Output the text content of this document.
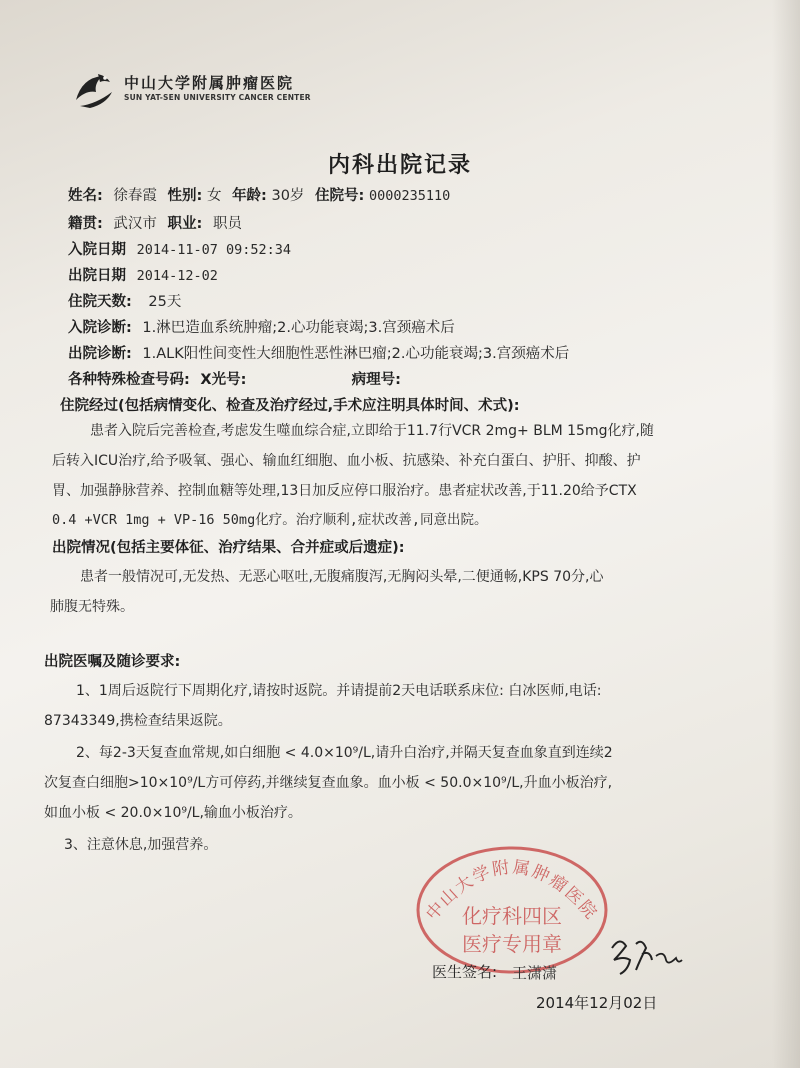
中山大学附属肿瘤医院
SUN YAT-SEN UNIVERSITY CANCER CENTER
内科出院记录
姓名: 徐春霞 性别: 女 年龄: 30岁 住院号: 0000235110
籍贯: 武汉市 职业: 职员
入院日期 2014-11-07 09:52:34
出院日期 2014-12-02
住院天数: 25天
入院诊断: 1.淋巴造血系统肿瘤;2.心功能衰竭;3.宫颈癌术后
出院诊断: 1.ALK阳性间变性大细胞性恶性淋巴瘤;2.心功能衰竭;3.宫颈癌术后
各种特殊检查号码: X光号:	病理号:
住院经过(包括病情变化、检查及治疗经过,手术应注明具体时间、术式):
患者入院后完善检查,考虑发生噬血综合症,立即给于11.7行VCR 2mg+ BLM 15mg化疗,随
后转入ICU治疗,给予吸氧、强心、输血红细胞、血小板、抗感染、补充白蛋白、护肝、抑酸、护
胃、加强静脉营养、控制血糖等处理,13日加反应停口服治疗。患者症状改善,于11.20给予CTX
0.4 +VCR 1mg + VP-16 50mg化疗。治疗顺利,症状改善,同意出院。
出院情况(包括主要体征、治疗结果、合并症或后遗症):
患者一般情况可,无发热、无恶心呕吐,无腹痛腹泻,无胸闷头晕,二便通畅,KPS 70分,心
肺腹无特殊。
出院医嘱及随诊要求:
1、1周后返院行下周期化疗,请按时返院。并请提前2天电话联系床位: 白冰医师,电话:
87343349,携检查结果返院。
2、每2-3天复查血常规,如白细胞 < 4.0×10⁹/L,请升白治疗,并隔天复查血象直到连续2
次复查白细胞>10×10⁹/L方可停药,并继续复查血象。血小板 < 50.0×10⁹/L,升血小板治疗,
如血小板 < 20.0×10⁹/L,输血小板治疗。
3、注意休息,加强营养。
中山大学附属肿瘤医院
化疗科四区
医疗专用章
医生签名: 王潇潇
2014年12月02日
